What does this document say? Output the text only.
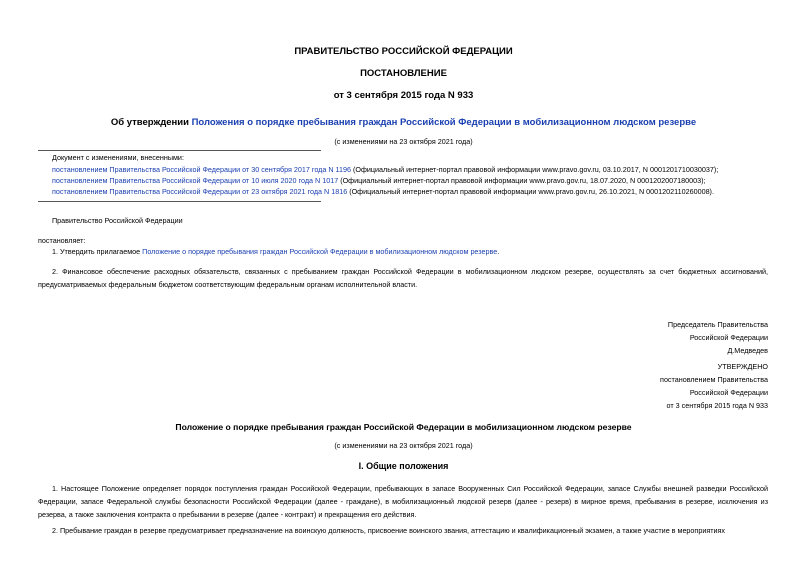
ПРАВИТЕЛЬСТВО РОССИЙСКОЙ ФЕДЕРАЦИИ
ПОСТАНОВЛЕНИЕ
от 3 сентября 2015 года N 933
Об утверждении Положения о порядке пребывания граждан Российской Федерации в мобилизационном людском резерве
(с изменениями на 23 октября 2021 года)
Документ с изменениями, внесенными:
постановлением Правительства Российской Федерации от 30 сентября 2017 года N 1196 (Официальный интернет-портал правовой информации www.pravo.gov.ru, 03.10.2017, N 0001201710030037);
постановлением Правительства Российской Федерации от 10 июля 2020 года N 1017 (Официальный интернет-портал правовой информации www.pravo.gov.ru, 18.07.2020, N 0001202007180003);
постановлением Правительства Российской Федерации от 23 октября 2021 года N 1816 (Официальный интернет-портал правовой информации www.pravo.gov.ru, 26.10.2021, N 0001202110260008).
Правительство Российской Федерации
постановляет:
1. Утвердить прилагаемое Положение о порядке пребывания граждан Российской Федерации в мобилизационном людском резерве.
2. Финансовое обеспечение расходных обязательств, связанных с пребыванием граждан Российской Федерации в мобилизационном людском резерве, осуществлять за счет бюджетных ассигнований, предусматриваемых федеральным бюджетом соответствующим федеральным органам исполнительной власти.
Председатель Правительства
Российской Федерации
Д.Медведев
УТВЕРЖДЕНО
постановлением Правительства
Российской Федерации
от 3 сентября 2015 года N 933
Положение о порядке пребывания граждан Российской Федерации в мобилизационном людском резерве
(с изменениями на 23 октября 2021 года)
I. Общие положения
1. Настоящее Положение определяет порядок поступления граждан Российской Федерации, пребывающих в запасе Вооруженных Сил Российской Федерации, запасе Службы внешней разведки Российской Федерации, запасе Федеральной службы безопасности Российской Федерации (далее - граждане), в мобилизационный людской резерв (далее - резерв) в мирное время, пребывания в резерве, исключения из резерва, а также заключения контракта о пребывании в резерве (далее - контракт) и прекращения его действия.
2. Пребывание граждан в резерве предусматривает предназначение на воинскую должность, присвоение воинского звания, аттестацию и квалификационный экзамен, а также участие в мероприятиях
